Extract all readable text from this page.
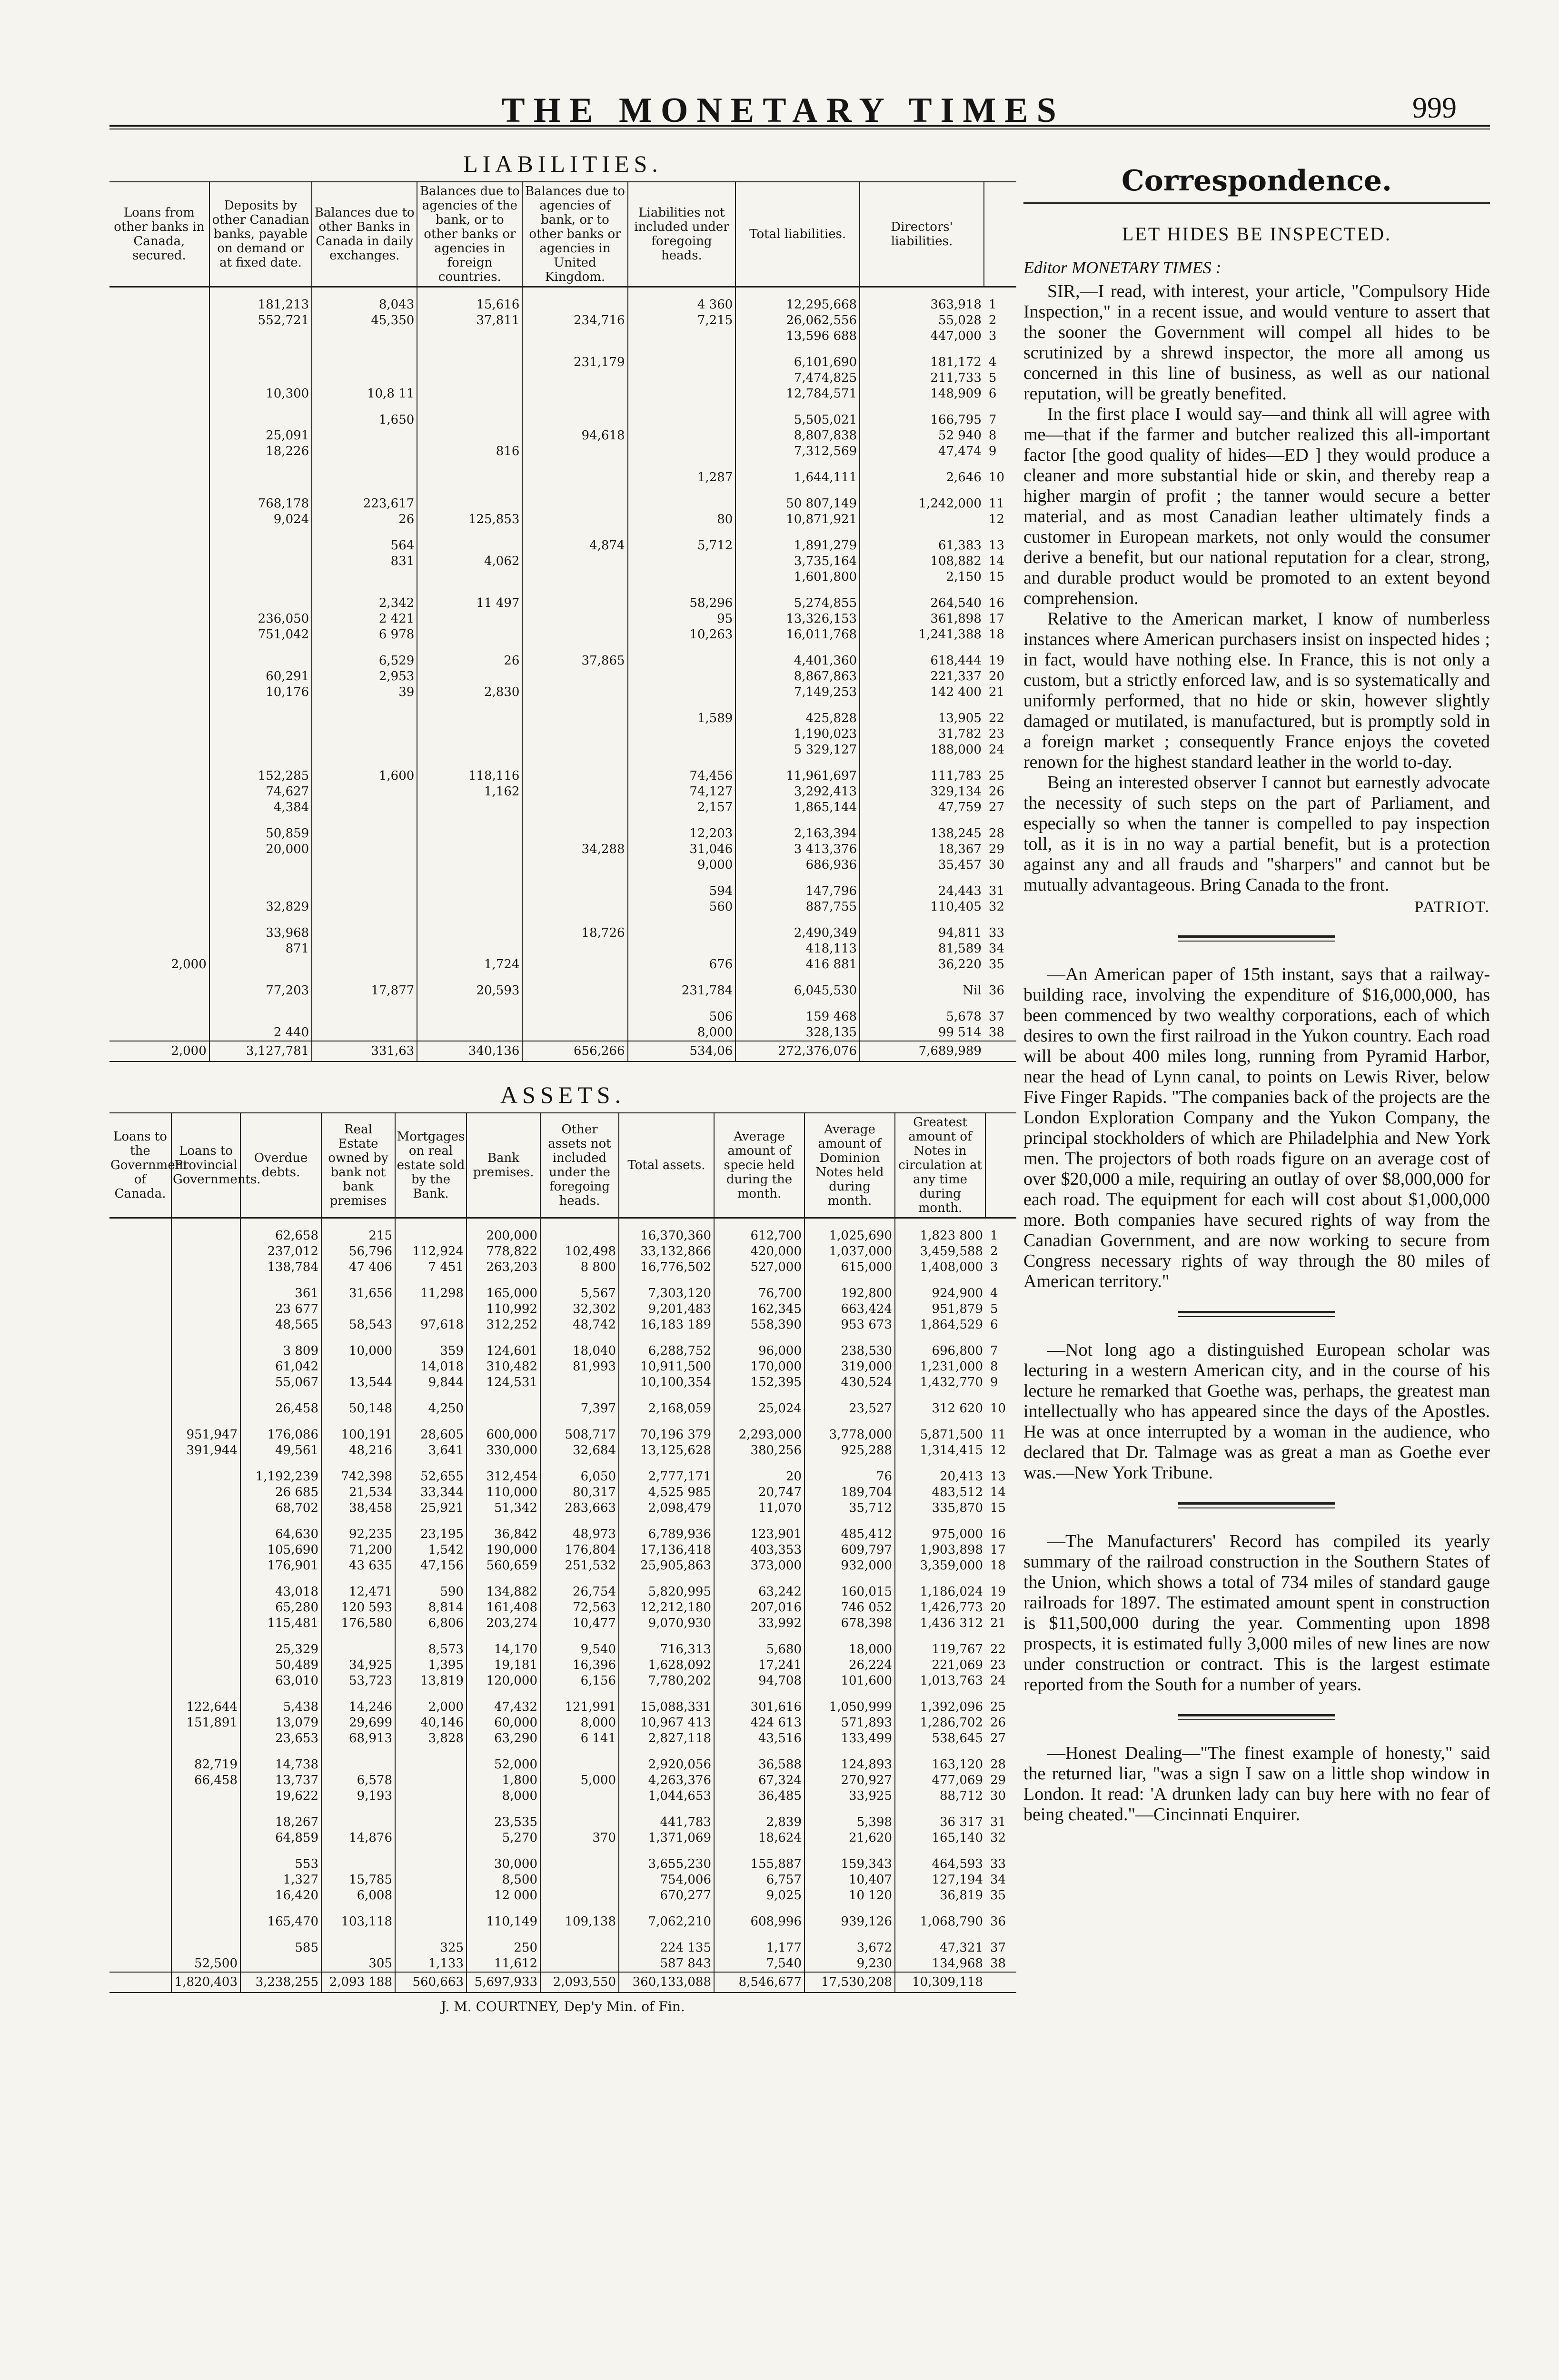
THE MONETARY TIMES	999
LIABILITIES.
Loans from other banks in Canada, secured.	Deposits by other Canadian banks, payable on demand or at fixed date.	Balances due to other Banks in Canada in daily exchanges.	Balances due to agencies of the bank, or to other banks or agencies in foreign countries.	Balances due to agencies of bank, or to other banks or agencies in United Kingdom.	Liabilities not included under foregoing heads.	Total liabilities.	Directors' liabilities.	
	181,213	8,043	15,616		4 360	12,295,668	363,918	1
	552,721	45,350	37,811	234,716	7,215	26,062,556	55,028	2
						13,596 688	447,000	3

				231,179		6,101,690	181,172	4
						7,474,825	211,733	5
	10,300	10,8 11				12,784,571	148,909	6

		1,650				5,505,021	166,795	7
	25,091			94,618		8,807,838	52 940	8
	18,226		816			7,312,569	47,474	9

					1,287	1,644,111	2,646	10

	768,178	223,617				50 807,149	1,242,000	11
	9,024	26	125,853		80	10,871,921		12

		564		4,874	5,712	1,891,279	61,383	13
		831	4,062			3,735,164	108,882	14
						1,601,800	2,150	15

		2,342	11 497		58,296	5,274,855	264,540	16
	236,050	2 421			95	13,326,153	361,898	17
	751,042	6 978			10,263	16,011,768	1,241,388	18

		6,529	26	37,865		4,401,360	618,444	19
	60,291	2,953				8,867,863	221,337	20
	10,176	39	2,830			7,149,253	142 400	21

					1,589	425,828	13,905	22
						1,190,023	31,782	23
						5 329,127	188,000	24

	152,285	1,600	118,116		74,456	11,961,697	111,783	25
	74,627		1,162		74,127	3,292,413	329,134	26
	4,384				2,157	1,865,144	47,759	27

	50,859				12,203	2,163,394	138,245	28
	20,000			34,288	31,046	3 413,376	18,367	29
					9,000	686,936	35,457	30

					594	147,796	24,443	31
	32,829				560	887,755	110,405	32

	33,968			18,726		2,490,349	94,811	33
	871					418,113	81,589	34
2,000			1,724		676	416 881	36,220	35

	77,203	17,877	20,593		231,784	6,045,530	Nil	36

					506	159 468	5,678	37
	2 440				8,000	328,135	99 514	38
2,000	3,127,781	331,63	340,136	656,266	534,06	272,376,076	7,689,989	
ASSETS.
Loans to the Government of Canada.	Loans to Provincial Governments.	Overdue debts.	Real Estate owned by bank not bank premises	Mortgages on real estate sold by the Bank.	Bank premises.	Other assets not included under the foregoing heads.	Total assets.	Average amount of specie held during the month.	Average amount of Dominion Notes held during month.	Greatest amount of Notes in circulation at any time during month.	
		62,658	215		200,000		16,370,360	612,700	1,025,690	1,823 800	1
		237,012	56,796	112,924	778,822	102,498	33,132,866	420,000	1,037,000	3,459,588	2
		138,784	47 406	7 451	263,203	8 800	16,776,502	527,000	615,000	1,408,000	3

		361	31,656	11,298	165,000	5,567	7,303,120	76,700	192,800	924,900	4
		23 677			110,992	32,302	9,201,483	162,345	663,424	951,879	5
		48,565	58,543	97,618	312,252	48,742	16,183 189	558,390	953 673	1,864,529	6

		3 809	10,000	359	124,601	18,040	6,288,752	96,000	238,530	696,800	7
		61,042		14,018	310,482	81,993	10,911,500	170,000	319,000	1,231,000	8
		55,067	13,544	9,844	124,531		10,100,354	152,395	430,524	1,432,770	9

		26,458	50,148	4,250		7,397	2,168,059	25,024	23,527	312 620	10

	951,947	176,086	100,191	28,605	600,000	508,717	70,196 379	2,293,000	3,778,000	5,871,500	11
	391,944	49,561	48,216	3,641	330,000	32,684	13,125,628	380,256	925,288	1,314,415	12

		1,192,239	742,398	52,655	312,454	6,050	2,777,171	20	76	20,413	13
		26 685	21,534	33,344	110,000	80,317	4,525 985	20,747	189,704	483,512	14
		68,702	38,458	25,921	51,342	283,663	2,098,479	11,070	35,712	335,870	15

		64,630	92,235	23,195	36,842	48,973	6,789,936	123,901	485,412	975,000	16
		105,690	71,200	1,542	190,000	176,804	17,136,418	403,353	609,797	1,903,898	17
		176,901	43 635	47,156	560,659	251,532	25,905,863	373,000	932,000	3,359,000	18

		43,018	12,471	590	134,882	26,754	5,820,995	63,242	160,015	1,186,024	19
		65,280	120 593	8,814	161,408	72,563	12,212,180	207,016	746 052	1,426,773	20
		115,481	176,580	6,806	203,274	10,477	9,070,930	33,992	678,398	1,436 312	21

		25,329		8,573	14,170	9,540	716,313	5,680	18,000	119,767	22
		50,489	34,925	1,395	19,181	16,396	1,628,092	17,241	26,224	221,069	23
		63,010	53,723	13,819	120,000	6,156	7,780,202	94,708	101,600	1,013,763	24

	122,644	5,438	14,246	2,000	47,432	121,991	15,088,331	301,616	1,050,999	1,392,096	25
	151,891	13,079	29,699	40,146	60,000	8,000	10,967 413	424 613	571,893	1,286,702	26
		23,653	68,913	3,828	63,290	6 141	2,827,118	43,516	133,499	538,645	27

	82,719	14,738			52,000		2,920,056	36,588	124,893	163,120	28
	66,458	13,737	6,578		1,800	5,000	4,263,376	67,324	270,927	477,069	29
		19,622	9,193		8,000		1,044,653	36,485	33,925	88,712	30

		18,267			23,535		441,783	2,839	5,398	36 317	31
		64,859	14,876		5,270	370	1,371,069	18,624	21,620	165,140	32

		553			30,000		3,655,230	155,887	159,343	464,593	33
		1,327	15,785		8,500		754,006	6,757	10,407	127,194	34
		16,420	6,008		12 000		670,277	9,025	10 120	36,819	35

		165,470	103,118		110,149	109,138	7,062,210	608,996	939,126	1,068,790	36

		585		325	250		224 135	1,177	3,672	47,321	37
	52,500		305	1,133	11,612		587 843	7,540	9,230	134,968	38
	1,820,403	3,238,255	2,093 188	560,663	5,697,933	2,093,550	360,133,088	8,546,677	17,530,208	10,309,118	
J. M. COURTNEY, Dep'y Min. of Fin.
Correspondence.
LET HIDES BE INSPECTED.
Editor MONETARY TIMES :

SIR,—I read, with interest, your article, "Compulsory Hide Inspection," in a recent issue, and would venture to assert that the sooner the Government will compel all hides to be scrutinized by a shrewd inspector, the more all among us concerned in this line of business, as well as our national reputation, will be greatly benefited.

In the first place I would say—and think all will agree with me—that if the farmer and butcher realized this all-important factor [the good quality of hides—ED ] they would produce a cleaner and more substantial hide or skin, and thereby reap a higher margin of profit ; the tanner would secure a better material, and as most Canadian leather ultimately finds a customer in European markets, not only would the consumer derive a benefit, but our national reputation for a clear, strong, and durable product would be promoted to an extent beyond comprehension.

Relative to the American market, I know of numberless instances where American purchasers insist on inspected hides ; in fact, would have nothing else. In France, this is not only a custom, but a strictly enforced law, and is so systematically and uniformly performed, that no hide or skin, however slightly damaged or mutilated, is manufactured, but is promptly sold in a foreign market ; consequently France enjoys the coveted renown for the highest standard leather in the world to-day.

Being an interested observer I cannot but earnestly advocate the necessity of such steps on the part of Parliament, and especially so when the tanner is compelled to pay inspection toll, as it is in no way a partial benefit, but is a protection against any and all frauds and "sharpers" and cannot but be mutually advantageous. Bring Canada to the front.

PATRIOT.

—An American paper of 15th instant, says that a railway-building race, involving the expenditure of $16,000,000, has been commenced by two wealthy corporations, each of which desires to own the first railroad in the Yukon country. Each road will be about 400 miles long, running from Pyramid Harbor, near the head of Lynn canal, to points on Lewis River, below Five Finger Rapids. "The companies back of the projects are the London Exploration Company and the Yukon Company, the principal stockholders of which are Philadelphia and New York men. The projectors of both roads figure on an average cost of over $20,000 a mile, requiring an outlay of over $8,000,000 for each road. The equipment for each will cost about $1,000,000 more. Both companies have secured rights of way from the Canadian Government, and are now working to secure from Congress necessary rights of way through the 80 miles of American territory."

—Not long ago a distinguished European scholar was lecturing in a western American city, and in the course of his lecture he remarked that Goethe was, perhaps, the greatest man intellectually who has appeared since the days of the Apostles. He was at once interrupted by a woman in the audience, who declared that Dr. Talmage was as great a man as Goethe ever was.—New York Tribune.

—The Manufacturers' Record has compiled its yearly summary of the railroad construction in the Southern States of the Union, which shows a total of 734 miles of standard gauge railroads for 1897. The estimated amount spent in construction is $11,500,000 during the year. Commenting upon 1898 prospects, it is estimated fully 3,000 miles of new lines are now under construction or contract. This is the largest estimate reported from the South for a number of years.

—Honest Dealing—"The finest example of honesty," said the returned liar, "was a sign I saw on a little shop window in London. It read: 'A drunken lady can buy here with no fear of being cheated."—Cincinnati Enquirer.
